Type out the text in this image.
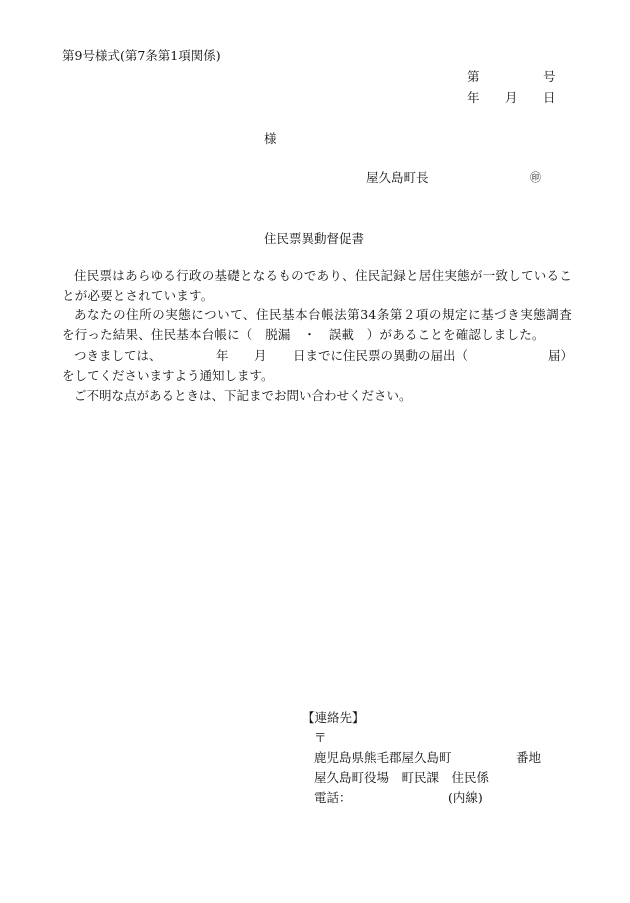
第9号様式(第7条第1項関係)
第	号
年 月 日
様
屋久島町長	㊞
住民票異動督促書
住民票はあらゆる行政の基礎となるものであり、住民記録と居住実態が一致していることが必要とされています。
あなたの住所の実態について、住民基本台帳法第34条第２項の規定に基づき実態調査を行った結果、住民基本台帳に（　脱漏　・　誤載　）があることを確認しました。
つきましては、	年 月 日までに住民票の異動の届出（	届）
をしてくださいますよう通知します。
ご不明な点があるときは、下記までお問い合わせください。
【連絡先】
〒
鹿児島県熊毛郡屋久島町	番地
屋久島町役場　町民課　住民係
電話：	(内線)
